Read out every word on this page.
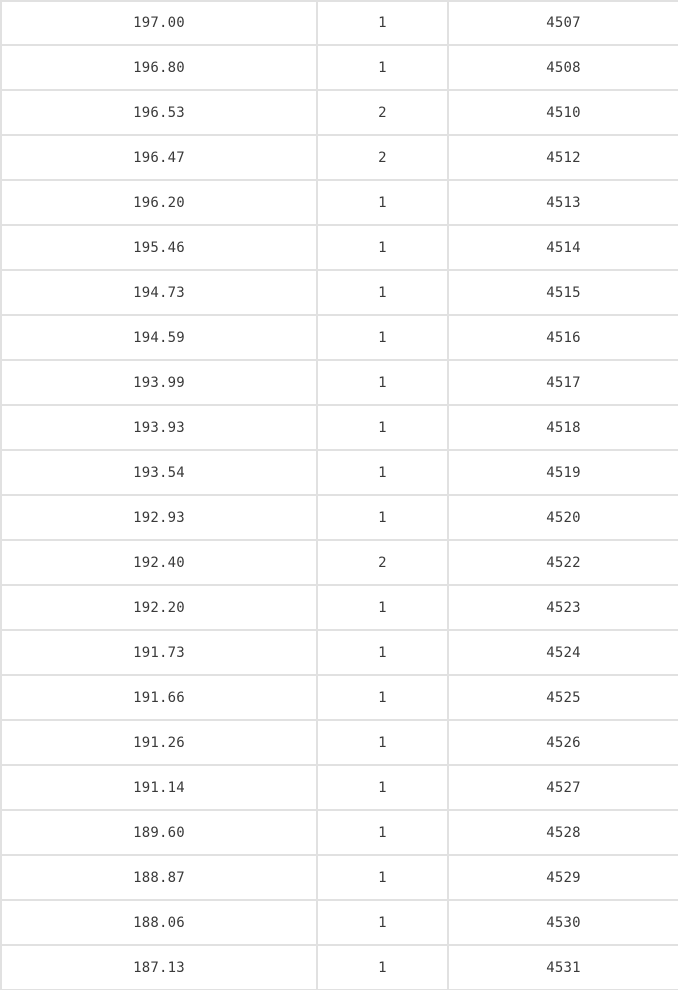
197.00	1	4507
196.80	1	4508
196.53	2	4510
196.47	2	4512
196.20	1	4513
195.46	1	4514
194.73	1	4515
194.59	1	4516
193.99	1	4517
193.93	1	4518
193.54	1	4519
192.93	1	4520
192.40	2	4522
192.20	1	4523
191.73	1	4524
191.66	1	4525
191.26	1	4526
191.14	1	4527
189.60	1	4528
188.87	1	4529
188.06	1	4530
187.13	1	4531
